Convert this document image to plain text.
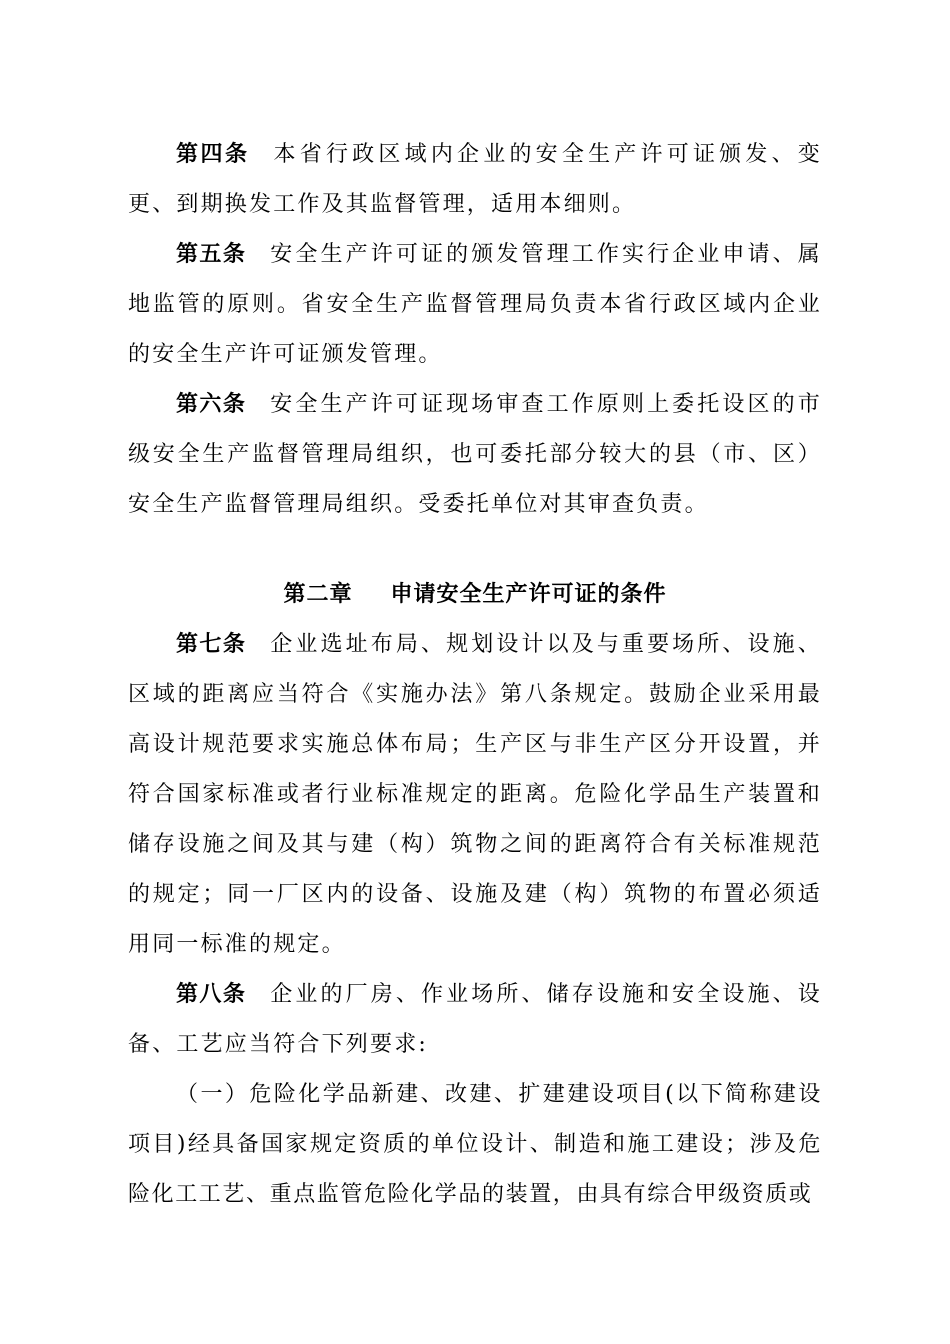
第四条 本省行政区域内企业的安全生产许可证颁发、变更、到期换发工作及其监督管理，适用本细则。

第五条 安全生产许可证的颁发管理工作实行企业申请、属地监管的原则。省安全生产监督管理局负责本省行政区域内企业的安全生产许可证颁发管理。

第六条 安全生产许可证现场审查工作原则上委托设区的市级安全生产监督管理局组织，也可委托部分较大的县（市、区）安全生产监督管理局组织。受委托单位对其审查负责。

第二章 申请安全生产许可证的条件

第七条 企业选址布局、规划设计以及与重要场所、设施、区域的距离应当符合《实施办法》第八条规定。鼓励企业采用最高设计规范要求实施总体布局；生产区与非生产区分开设置，并符合国家标准或者行业标准规定的距离。危险化学品生产装置和储存设施之间及其与建（构）筑物之间的距离符合有关标准规范的规定；同一厂区内的设备、设施及建（构）筑物的布置必须适用同一标准的规定。

第八条 企业的厂房、作业场所、储存设施和安全设施、设备、工艺应当符合下列要求:

（一）危险化学品新建、改建、扩建建设项目(以下简称建设项目)经具备国家规定资质的单位设计、制造和施工建设；涉及危险化工工艺、重点监管危险化学品的装置，由具有综合甲级资质或
